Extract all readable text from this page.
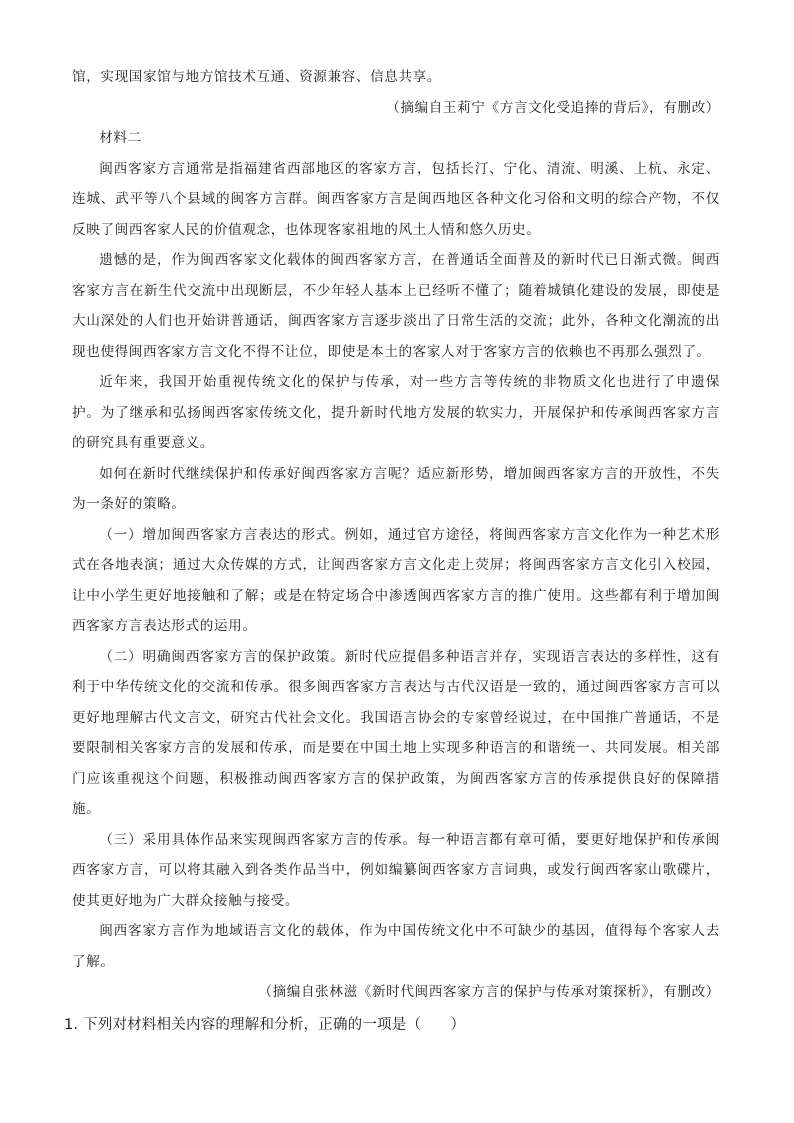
馆，实现国家馆与地方馆技术互通、资源兼容、信息共享。

（摘编自王莉宁《方言文化受追捧的背后》，有删改）

材料二

闽西客家方言通常是指福建省西部地区的客家方言，包括长汀、宁化、清流、明溪、上杭、永定、连城、武平等八个县域的闽客方言群。闽西客家方言是闽西地区各种文化习俗和文明的综合产物，不仅反映了闽西客家人民的价值观念，也体现客家祖地的风土人情和悠久历史。

遗憾的是，作为闽西客家文化载体的闽西客家方言，在普通话全面普及的新时代已日渐式微。闽西客家方言在新生代交流中出现断层，不少年轻人基本上已经听不懂了；随着城镇化建设的发展，即使是大山深处的人们也开始讲普通话，闽西客家方言逐步淡出了日常生活的交流；此外，各种文化潮流的出现也使得闽西客家方言文化不得不让位，即使是本土的客家人对于客家方言的依赖也不再那么强烈了。

近年来，我国开始重视传统文化的保护与传承，对一些方言等传统的非物质文化也进行了申遗保护。为了继承和弘扬闽西客家传统文化，提升新时代地方发展的软实力，开展保护和传承闽西客家方言的研究具有重要意义。

如何在新时代继续保护和传承好闽西客家方言呢？适应新形势，增加闽西客家方言的开放性，不失为一条好的策略。

（一）增加闽西客家方言表达的形式。例如，通过官方途径，将闽西客家方言文化作为一种艺术形式在各地表演；通过大众传媒的方式，让闽西客家方言文化走上荧屏；将闽西客家方言文化引入校园，让中小学生更好地接触和了解；或是在特定场合中渗透闽西客家方言的推广使用。这些都有利于增加闽西客家方言表达形式的运用。

（二）明确闽西客家方言的保护政策。新时代应提倡多种语言并存，实现语言表达的多样性，这有利于中华传统文化的交流和传承。很多闽西客家方言表达与古代汉语是一致的，通过闽西客家方言可以更好地理解古代文言文，研究古代社会文化。我国语言协会的专家曾经说过，在中国推广普通话，不是要限制相关客家方言的发展和传承，而是要在中国土地上实现多种语言的和谐统一、共同发展。相关部门应该重视这个问题，积极推动闽西客家方言的保护政策，为闽西客家方言的传承提供良好的保障措施。

（三）采用具体作品来实现闽西客家方言的传承。每一种语言都有章可循，要更好地保护和传承闽西客家方言，可以将其融入到各类作品当中，例如编纂闽西客家方言词典，或发行闽西客家山歌碟片，使其更好地为广大群众接触与接受。

闽西客家方言作为地域语言文化的载体，作为中国传统文化中不可缺少的基因，值得每个客家人去了解。

（摘编自张林滋《新时代闽西客家方言的保护与传承对策探析》，有删改）

1. 下列对材料相关内容的理解和分析，正确的一项是（　　）
